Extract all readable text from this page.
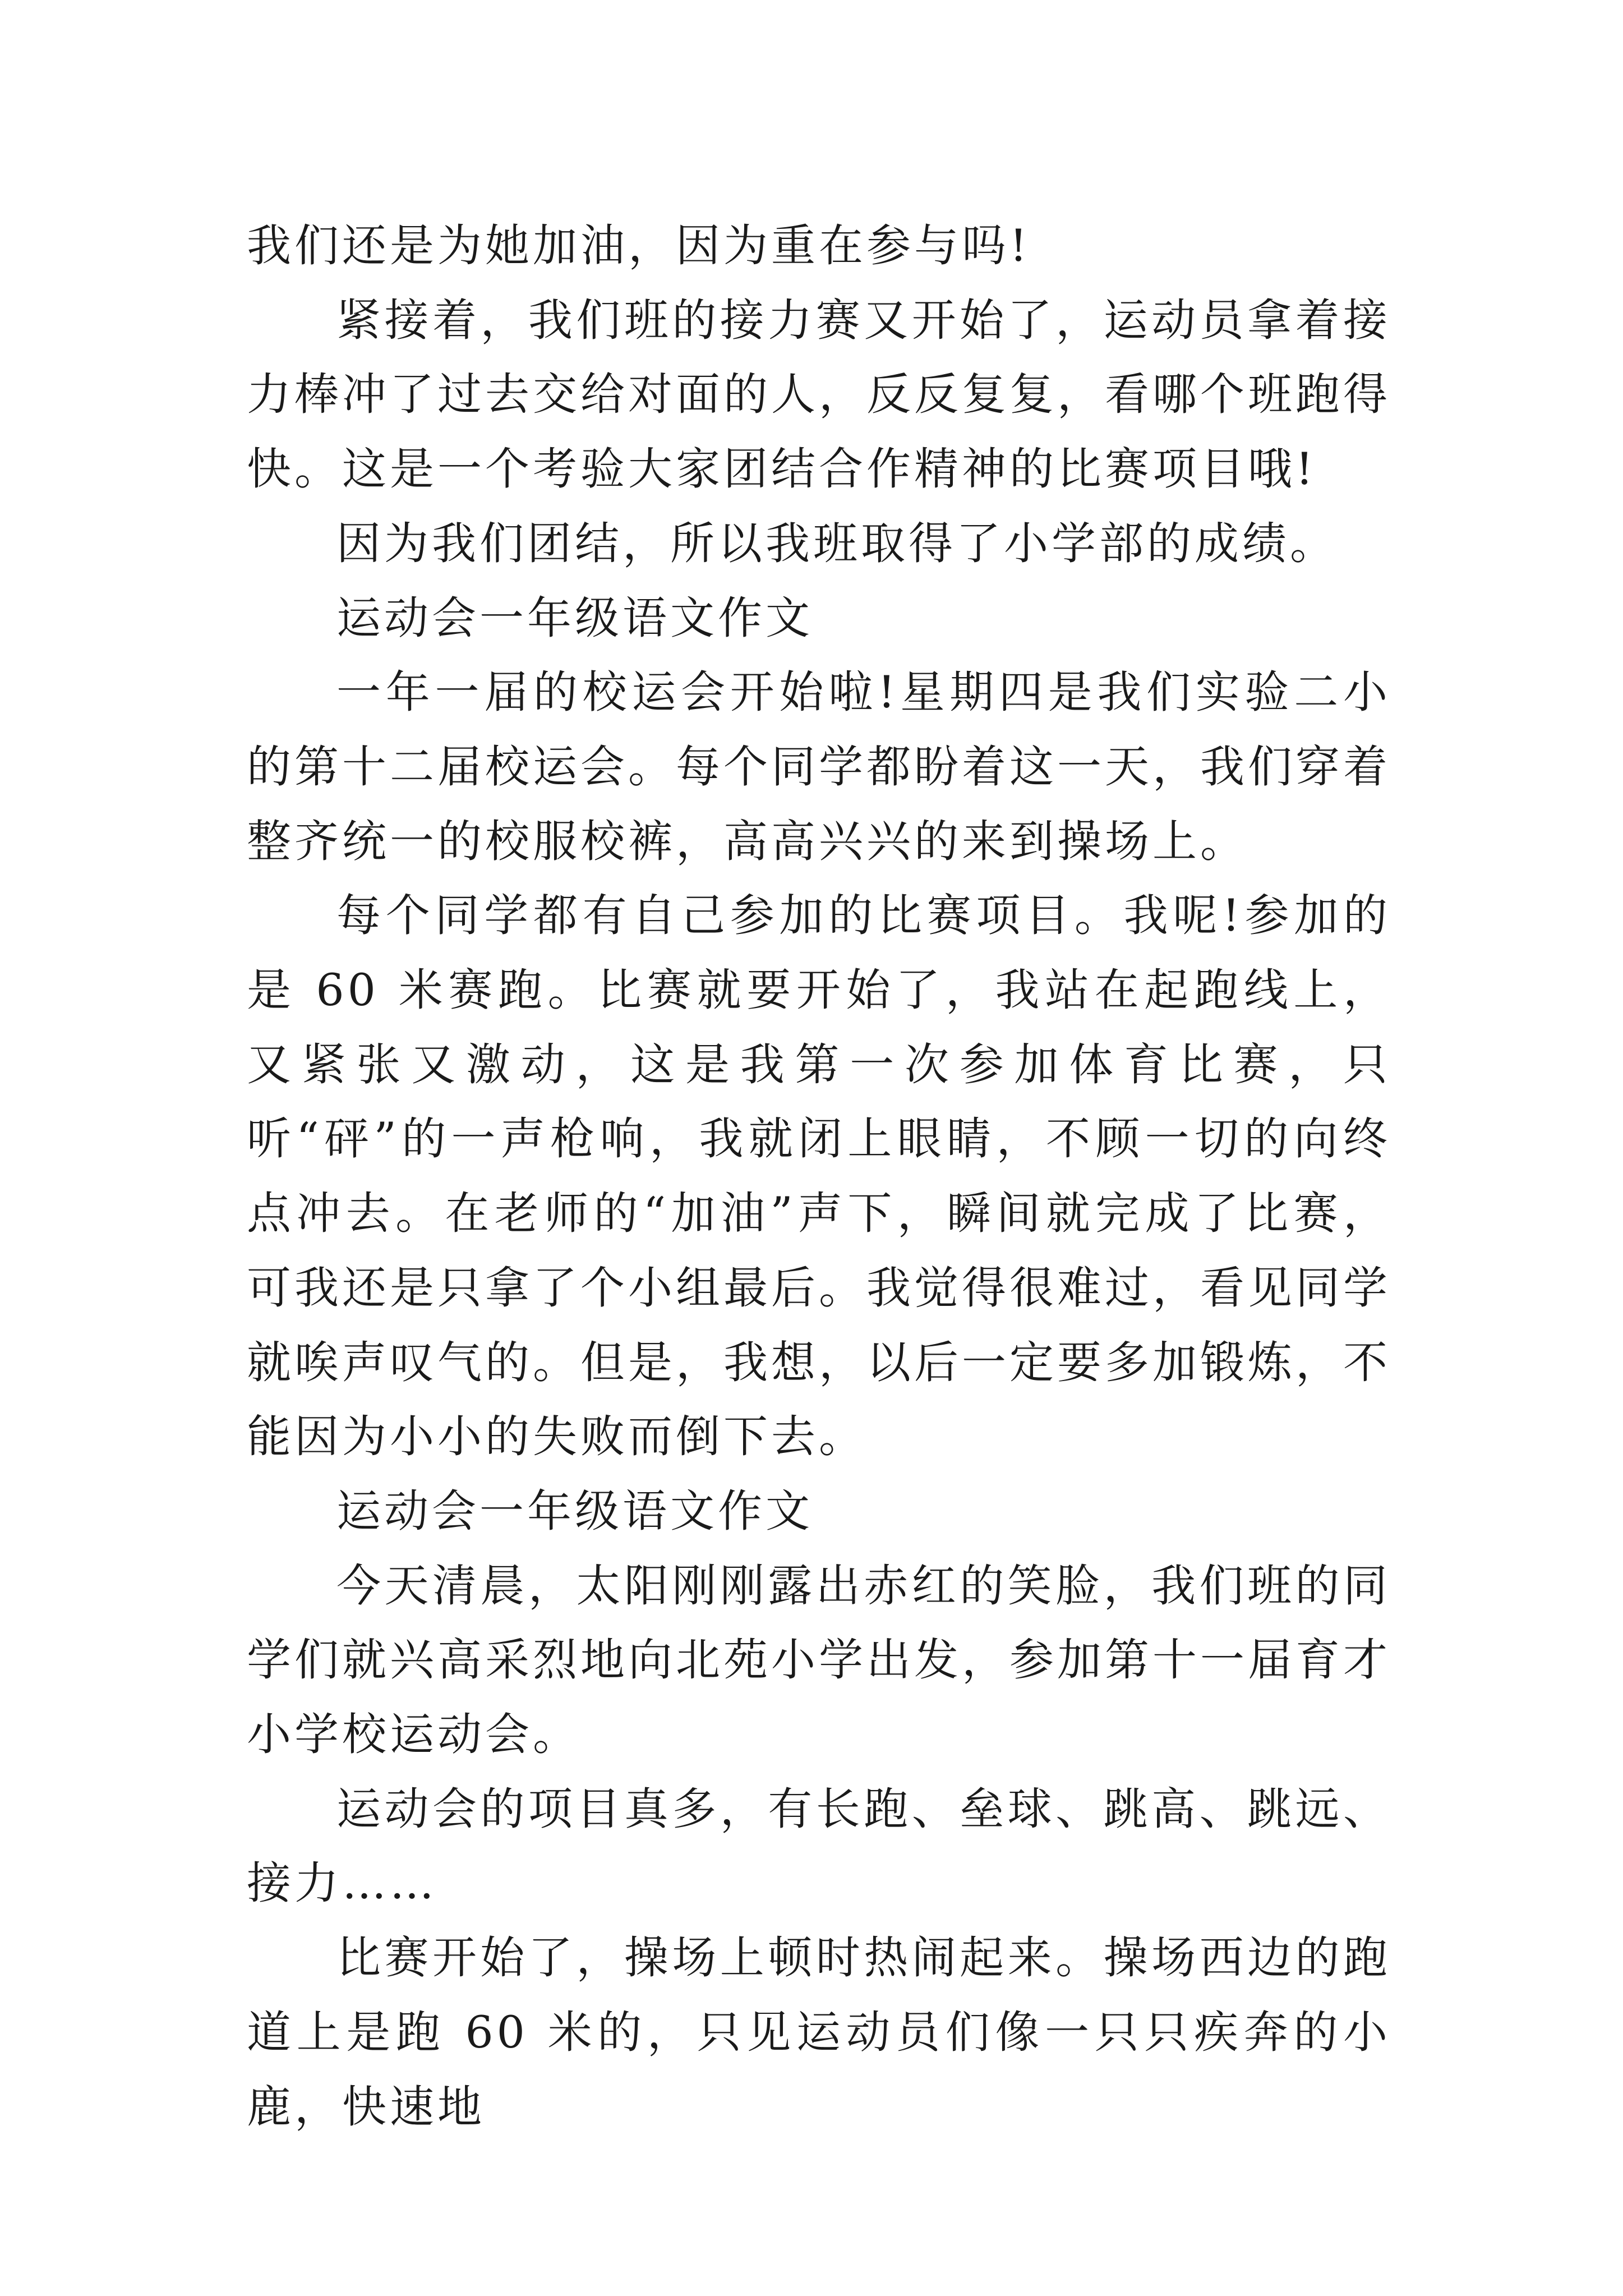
我们还是为她加油，因为重在参与吗!

紧接着，我们班的接力赛又开始了，运动员拿着接力棒冲了过去交给对面的人，反反复复，看哪个班跑得快。这是一个考验大家团结合作精神的比赛项目哦!

因为我们团结，所以我班取得了小学部的成绩。

运动会一年级语文作文

一年一届的校运会开始啦!星期四是我们实验二小的第十二届校运会。每个同学都盼着这一天，我们穿着整齐统一的校服校裤，高高兴兴的来到操场上。

每个同学都有自己参加的比赛项目。我呢!参加的是 60 米赛跑。比赛就要开始了，我站在起跑线上，又紧张又激动，这是我第一次参加体育比赛，只听“砰”的一声枪响，我就闭上眼睛，不顾一切的向终点冲去。在老师的“加油”声下，瞬间就完成了比赛，可我还是只拿了个小组最后。我觉得很难过，看见同学就唉声叹气的。但是，我想，以后一定要多加锻炼，不能因为小小的失败而倒下去。

运动会一年级语文作文

今天清晨，太阳刚刚露出赤红的笑脸，我们班的同学们就兴高采烈地向北苑小学出发，参加第十一届育才小学校运动会。

运动会的项目真多，有长跑、垒球、跳高、跳远、接力……

比赛开始了，操场上顿时热闹起来。操场西边的跑道上是跑 60 米的，只见运动员们像一只只疾奔的小鹿，快速地
